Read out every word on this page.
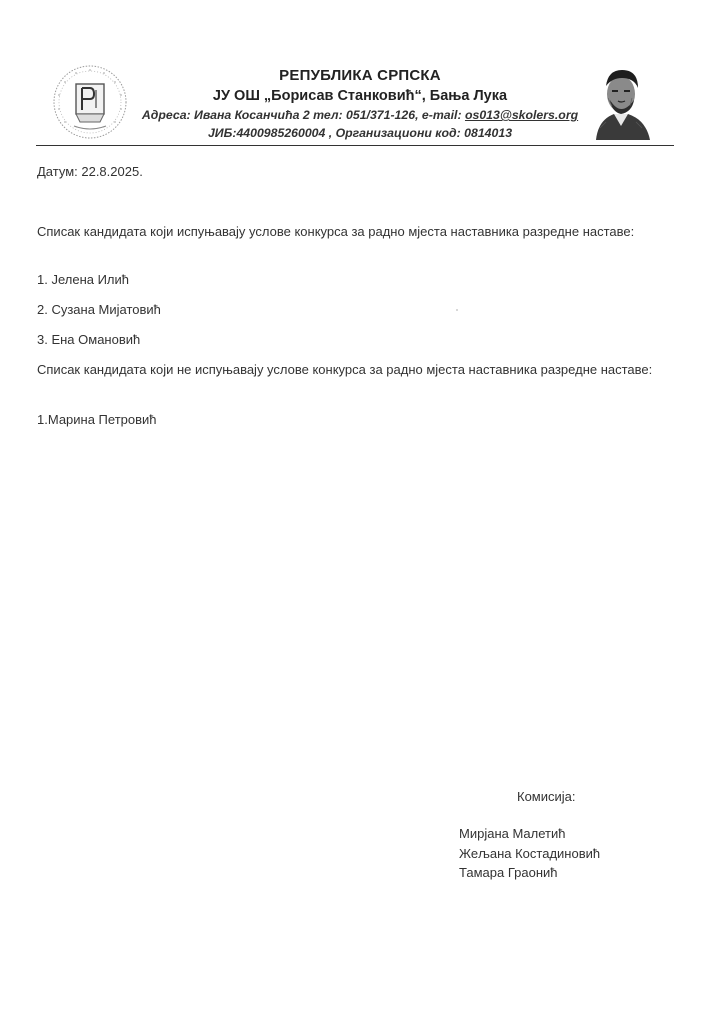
РЕПУБЛИКА СРПСКА
ЈУ ОШ „Борисав Станковић“, Бања Лука
Адреса: Ивана Косанчића 2 тел: 051/371-126, e-mail: os013@skolers.org
ЈИБ:4400985260004 , Организациони код: 0814013
Датум: 22.8.2025.
Списак кандидата који испуњавају услове конкурса за радно мјеста наставника разредне наставе:
1. Јелена Илић
2. Сузана Мијатовић
3. Ена Омановић
Списак кандидата који не испуњавају услове конкурса за радно мјеста наставника разредне наставе:
1.Марина Петровић
Комисија:
Мирјана Малетић
Жељана Костадиновић
Тамара Граонић
